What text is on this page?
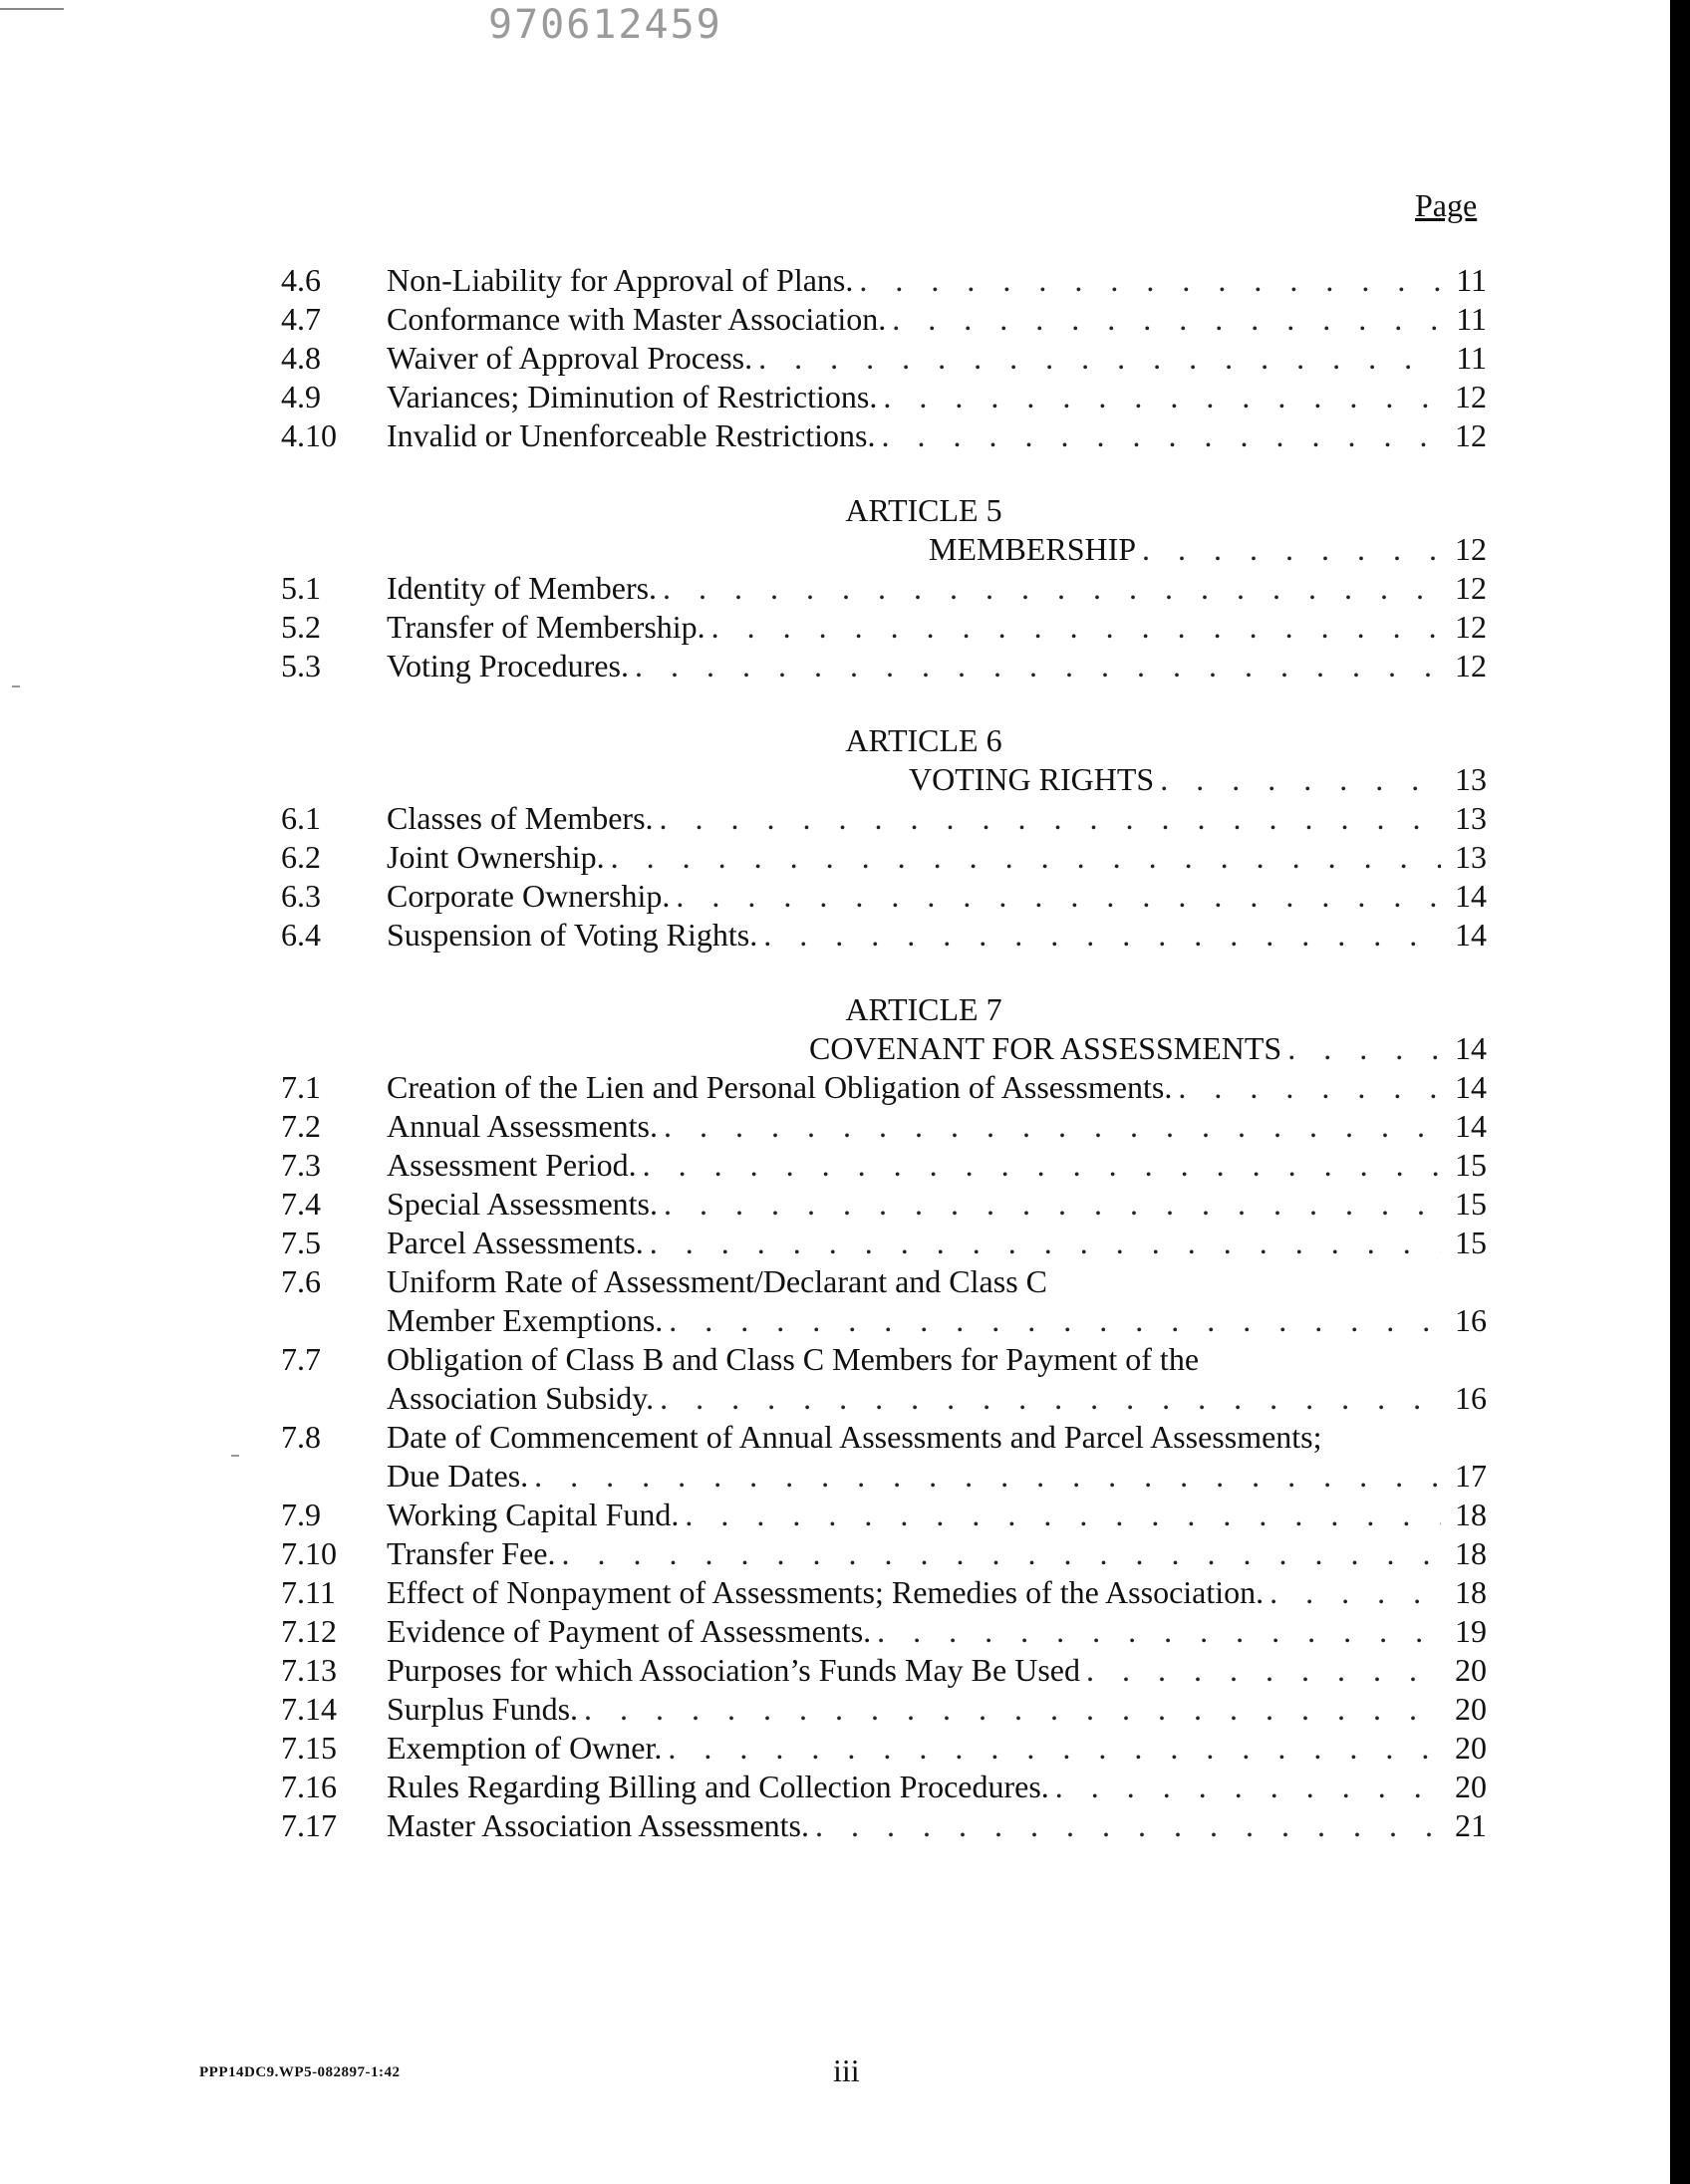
970612459
Page
4.6 Non-Liability for Approval of Plans. . . .	11
4.7 Conformance with Master Association. . . .	11
4.8 Waiver of Approval Process. . . .	11
4.9 Variances; Diminution of Restrictions. . . .	12
4.10 Invalid or Unenforceable Restrictions. . . .	12
ARTICLE 5
MEMBERSHIP . . .	12
5.1 Identity of Members. . . .	12
5.2 Transfer of Membership. . . .	12
5.3 Voting Procedures. . . .	12
ARTICLE 6
VOTING RIGHTS . . .	13
6.1 Classes of Members. . . .	13
6.2 Joint Ownership. . . .	13
6.3 Corporate Ownership. . . .	14
6.4 Suspension of Voting Rights. . . .	14
ARTICLE 7
COVENANT FOR ASSESSMENTS . . .	14
7.1 Creation of the Lien and Personal Obligation of Assessments. . . .	14
7.2 Annual Assessments. . . .	14
7.3 Assessment Period. . . .	15
7.4 Special Assessments. . . .	15
7.5 Parcel Assessments. . . .	15
7.6 Uniform Rate of Assessment/Declarant and Class C
Member Exemptions. . . .	16
7.7 Obligation of Class B and Class C Members for Payment of the
Association Subsidy. . . .	16
7.8 Date of Commencement of Annual Assessments and Parcel Assessments;
Due Dates. . . .	17
7.9 Working Capital Fund. . . .	18
7.10 Transfer Fee. . . .	18
7.11 Effect of Nonpayment of Assessments; Remedies of the Association. . . .	18
7.12 Evidence of Payment of Assessments. . . .	19
7.13 Purposes for which Association’s Funds May Be Used . . .	20
7.14 Surplus Funds. . . .	20
7.15 Exemption of Owner. . . .	20
7.16 Rules Regarding Billing and Collection Procedures. . . .	20
7.17 Master Association Assessments. . . .	21
PPP14DC9.WP5-082897-1:42	iii
